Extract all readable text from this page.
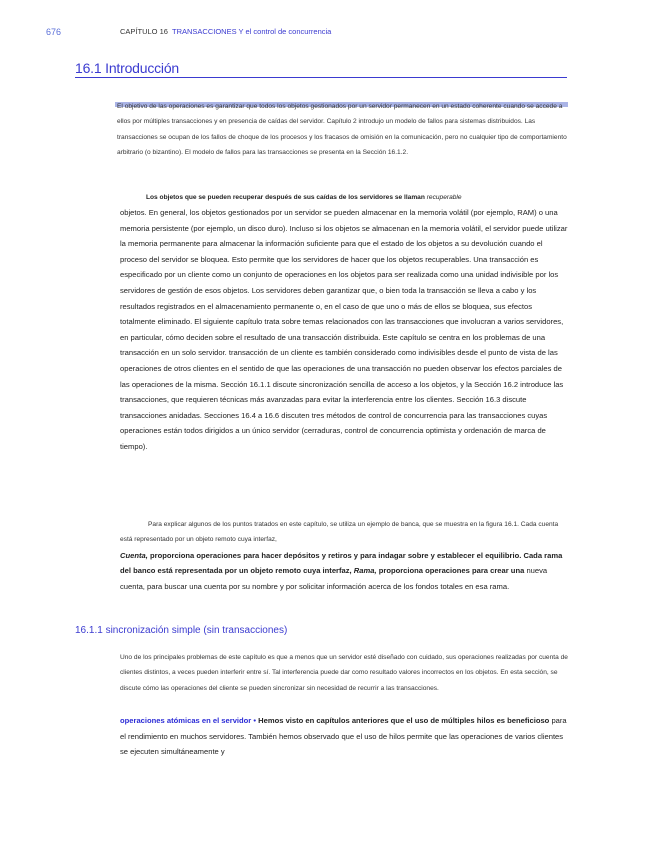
676	CAPÍTULO 16 TRANSACCIONES Y el control de concurrencia
16.1 Introducción
El objetivo de las operaciones es garantizar que todos los objetos gestionados por un servidor permanecen en un estado coherente cuando se accede a ellos por múltiples transacciones y en presencia de caídas del servidor. Capítulo 2 introdujo un modelo de fallos para sistemas distribuidos. Las transacciones se ocupan de los fallos de choque de los procesos y los fracasos de omisión en la comunicación, pero no cualquier tipo de comportamiento arbitrario (o bizantino). El modelo de fallos para las transacciones se presenta en la Sección 16.1.2.
Los objetos que se pueden recuperar después de sus caídas de los servidores se llaman recuperable
objetos. En general, los objetos gestionados por un servidor se pueden almacenar en la memoria volátil (por ejemplo, RAM) o una memoria persistente (por ejemplo, un disco duro). Incluso si los objetos se almacenan en la memoria volátil, el servidor puede utilizar la memoria permanente para almacenar la información suficiente para que el estado de los objetos a su devolución cuando el proceso del servidor se bloquea. Esto permite que los servidores de hacer que los objetos recuperables. Una transacción es especificado por un cliente como un conjunto de operaciones en los objetos para ser realizada como una unidad indivisible por los servidores de gestión de esos objetos. Los servidores deben garantizar que, o bien toda la transacción se lleva a cabo y los resultados registrados en el almacenamiento permanente o, en el caso de que uno o más de ellos se bloquea, sus efectos totalmente eliminado. El siguiente capítulo trata sobre temas relacionados con las transacciones que involucran a varios servidores, en particular, cómo deciden sobre el resultado de una transacción distribuida. Este capítulo se centra en los problemas de una transacción en un solo servidor. transacción de un cliente es también considerado como indivisibles desde el punto de vista de las operaciones de otros clientes en el sentido de que las operaciones de una transacción no pueden observar los efectos parciales de las operaciones de la misma. Sección 16.1.1 discute sincronización sencilla de acceso a los objetos, y la Sección 16.2 introduce las transacciones, que requieren técnicas más avanzadas para evitar la interferencia entre los clientes. Sección 16.3 discute transacciones anidadas. Secciones 16.4 a 16.6 discuten tres métodos de control de concurrencia para las transacciones cuyas operaciones están todos dirigidos a un único servidor (cerraduras, control de concurrencia optimista y ordenación de marca de tiempo).
Para explicar algunos de los puntos tratados en este capítulo, se utiliza un ejemplo de banca, que se muestra en la figura 16.1. Cada cuenta está representado por un objeto remoto cuya interfaz,
Cuenta, proporciona operaciones para hacer depósitos y retiros y para indagar sobre y establecer el equilibrio. Cada rama del banco está representada por un objeto remoto cuya interfaz, Rama, proporciona operaciones para crear una nueva cuenta, para buscar una cuenta por su nombre y por solicitar información acerca de los fondos totales en esa rama.
16.1.1 sincronización simple (sin transacciones)
Uno de los principales problemas de este capítulo es que a menos que un servidor esté diseñado con cuidado, sus operaciones realizadas por cuenta de clientes distintos, a veces pueden interferir entre sí. Tal interferencia puede dar como resultado valores incorrectos en los objetos. En esta sección, se discute cómo las operaciones del cliente se pueden sincronizar sin necesidad de recurrir a las transacciones.
operaciones atómicas en el servidor • Hemos visto en capítulos anteriores que el uso de múltiples hilos es beneficioso para el rendimiento en muchos servidores. También hemos observado que el uso de hilos permite que las operaciones de varios clientes se ejecuten simultáneamente y
